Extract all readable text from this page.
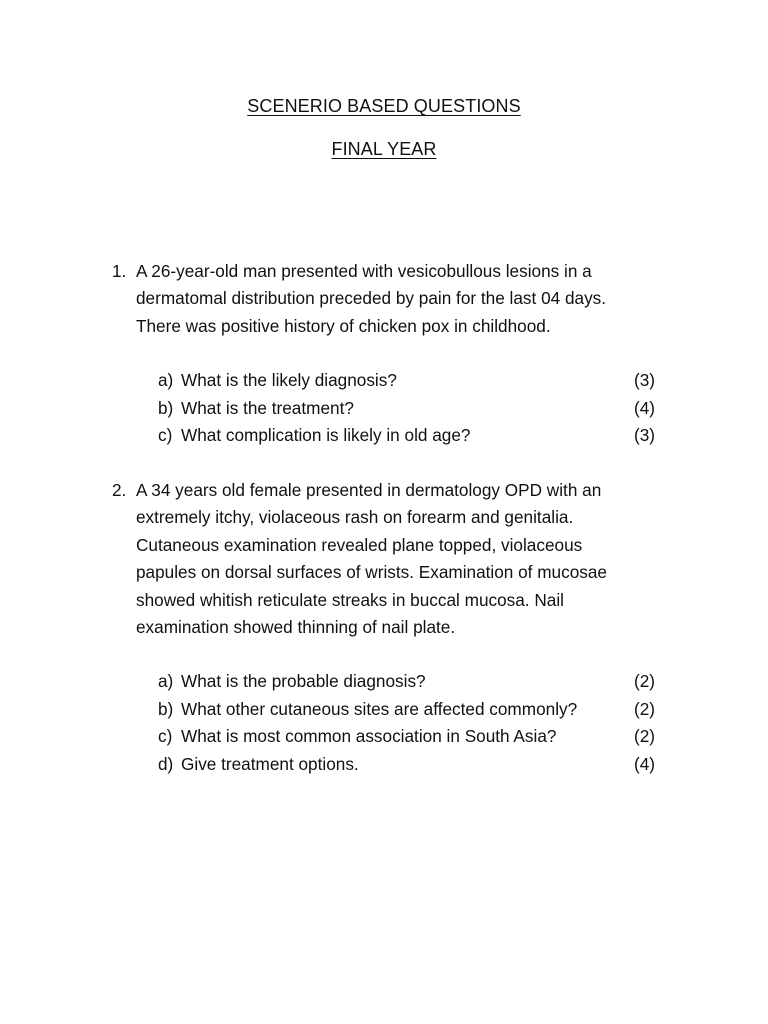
SCENERIO BASED QUESTIONS
FINAL YEAR
1. A 26-year-old man presented with vesicobullous lesions in a
dermatomal distribution preceded by pain for the last 04 days.
There was positive history of chicken pox in childhood.
a) What is the likely diagnosis?	(3)
b) What is the treatment?	(4)
c) What complication is likely in old age?	(3)
2. A 34 years old female presented in dermatology OPD with an
extremely itchy, violaceous rash on forearm and genitalia.
Cutaneous examination revealed plane topped, violaceous
papules on dorsal surfaces of wrists. Examination of mucosae
showed whitish reticulate streaks in buccal mucosa. Nail
examination showed thinning of nail plate.
a) What is the probable diagnosis?	(2)
b) What other cutaneous sites are affected commonly?	(2)
c) What is most common association in South Asia?	(2)
d) Give treatment options.	(4)
